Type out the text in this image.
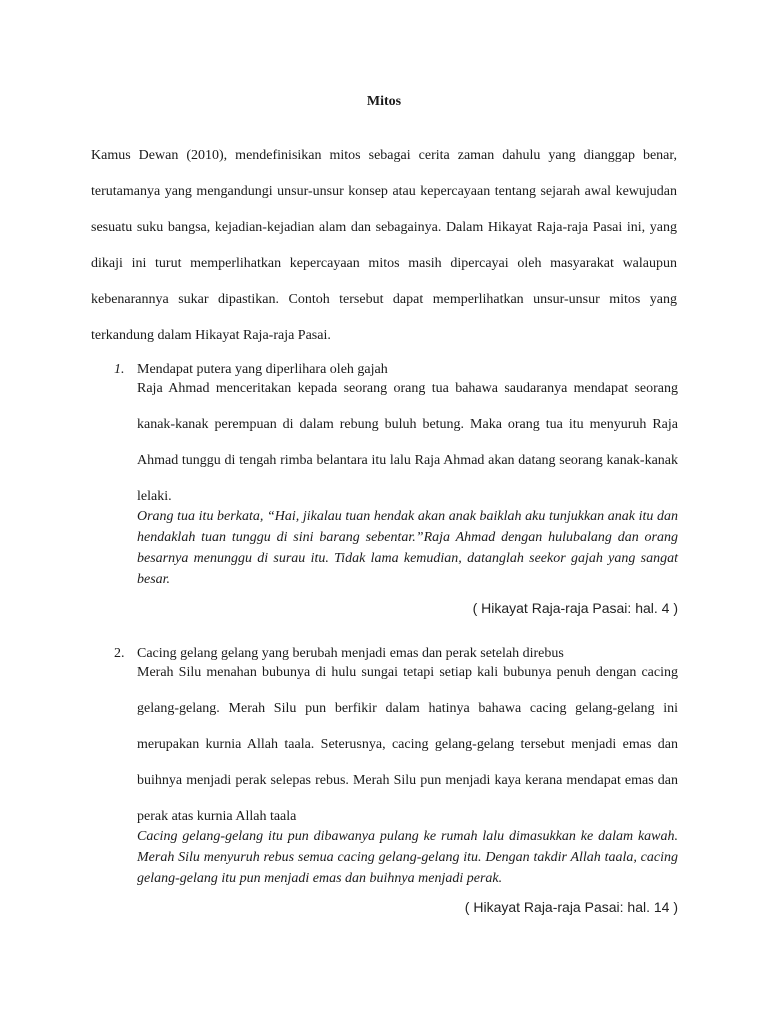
Mitos

Kamus Dewan (2010), mendefinisikan mitos sebagai cerita zaman dahulu yang dianggap benar, terutamanya yang mengandungi unsur-unsur konsep atau kepercayaan tentang sejarah awal kewujudan sesuatu suku bangsa, kejadian-kejadian alam dan sebagainya. Dalam Hikayat Raja-raja Pasai ini, yang dikaji ini turut memperlihatkan kepercayaan mitos masih dipercayai oleh masyarakat walaupun kebenarannya sukar dipastikan. Contoh tersebut dapat memperlihatkan unsur-unsur mitos yang terkandung dalam Hikayat Raja-raja Pasai.

1. Mendapat putera yang diperlihara oleh gajah

Raja Ahmad menceritakan kepada seorang orang tua bahawa saudaranya mendapat seorang kanak-kanak perempuan di dalam rebung buluh betung. Maka orang tua itu menyuruh Raja Ahmad tunggu di tengah rimba belantara itu lalu Raja Ahmad akan datang seorang kanak-kanak lelaki.

Orang tua itu berkata, “Hai, jikalau tuan hendak akan anak baiklah aku tunjukkan anak itu dan hendaklah tuan tunggu di sini barang sebentar.”Raja Ahmad dengan hulubalang dan orang besarnya menunggu di surau itu. Tidak lama kemudian, datanglah seekor gajah yang sangat besar.

( Hikayat Raja-raja Pasai: hal. 4 )
2. Cacing gelang gelang yang berubah menjadi emas dan perak setelah direbus

Merah Silu menahan bubunya di hulu sungai tetapi setiap kali bubunya penuh dengan cacing gelang-gelang. Merah Silu pun berfikir dalam hatinya bahawa cacing gelang-gelang ini merupakan kurnia Allah taala. Seterusnya, cacing gelang-gelang tersebut menjadi emas dan buihnya menjadi perak selepas rebus. Merah Silu pun menjadi kaya kerana mendapat emas dan perak atas kurnia Allah taala

Cacing gelang-gelang itu pun dibawanya pulang ke rumah lalu dimasukkan ke dalam kawah. Merah Silu menyuruh rebus semua cacing gelang-gelang itu. Dengan takdir Allah taala, cacing gelang-gelang itu pun menjadi emas dan buihnya menjadi perak.

( Hikayat Raja-raja Pasai: hal. 14 )
